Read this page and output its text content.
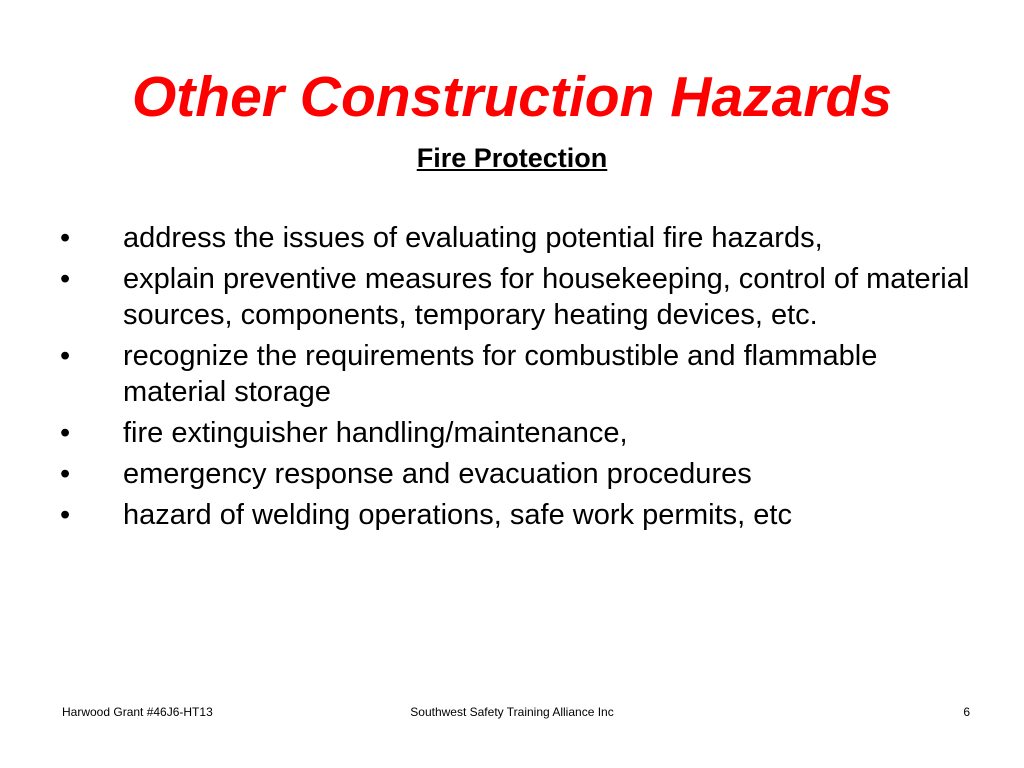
Other Construction Hazards
Fire Protection
•	address the issues of evaluating potential fire hazards,
•	explain preventive measures for housekeeping, control of material sources, components, temporary heating devices, etc.
•	recognize the requirements for combustible and flammable material storage
•	fire extinguisher handling/maintenance,
•	emergency response and evacuation procedures
•	hazard of welding operations, safe work permits, etc
Harwood Grant #46J6-HT13	Southwest Safety Training Alliance Inc	6
